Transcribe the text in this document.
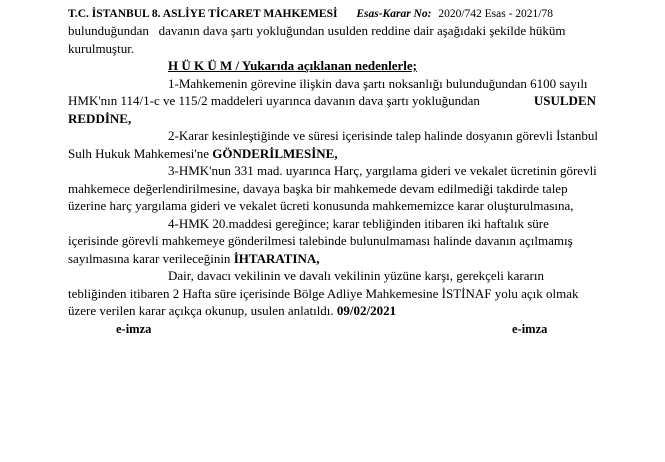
T.C. İSTANBUL 8. ASLİYE TİCARET MAHKEMESİ Esas-Karar No: 2020/742 Esas - 2021/78
bulunduğundan davanın dava şartı yokluğundan usulden reddine dair aşağıdaki şekilde hüküm
kurulmuştur.
H Ü K Ü M / Yukarıda açıklanan nedenlerle;
1-Mahkemenin görevine ilişkin dava şartı noksanlığı bulunduğundan 6100 sayılı
HMK'nın 114/1-c ve 115/2 maddeleri uyarınca davanın dava şartı yokluğundan	USULDEN
REDDİNE,
2-Karar kesinleştiğinde ve süresi içerisinde talep halinde dosyanın görevli İstanbul
Sulh Hukuk Mahkemesi'ne GÖNDERİLMESİNE,
3-HMK'nun 331 mad. uyarınca Harç, yargılama gideri ve vekalet ücretinin görevli
mahkemece değerlendirilmesine, davaya başka bir mahkemede devam edilmediği takdirde talep
üzerine harç yargılama gideri ve vekalet ücreti konusunda mahkememizce karar oluşturulmasına,
4-HMK 20.maddesi gereğince; karar tebliğinden itibaren iki haftalık süre
içerisinde görevli mahkemeye gönderilmesi talebinde bulunulmaması halinde davanın açılmamış
sayılmasına karar verileceğinin İHTARATINA,
Dair, davacı vekilinin ve davalı vekilinin yüzüne karşı, gerekçeli kararın
tebliğinden itibaren 2 Hafta süre içerisinde Bölge Adliye Mahkemesine İSTİNAF yolu açık olmak
üzere verilen karar açıkça okunup, usulen anlatıldı. 09/02/2021
e-imza	e-imza
